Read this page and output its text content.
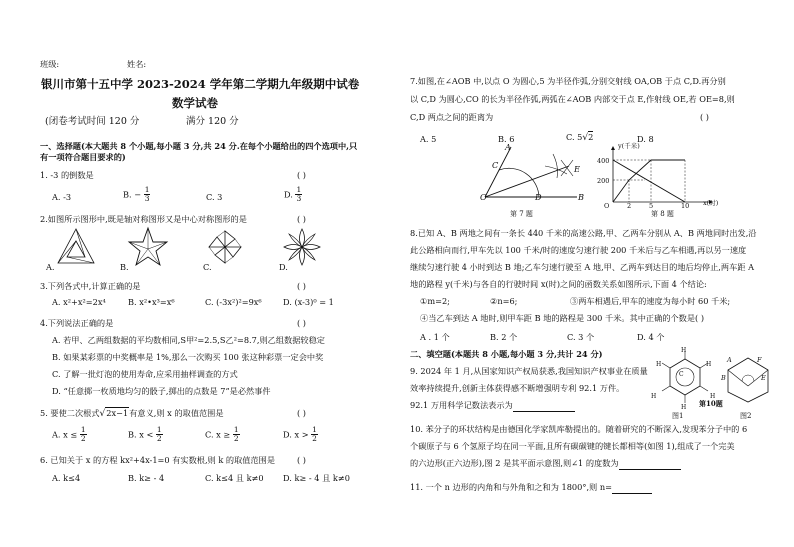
班级:	姓名:
银川市第十五中学 2023-2024 学年第二学期九年级期中试卷
数学试卷
(闭卷考试时间 120 分	满分 120 分
一、选择题(本大题共 8 个小题,每小题 3 分,共 24 分.在每个小题给出的四个选项中,只
有一项符合题目要求的)
1. -3 的倒数是	( )
A. -3	B. − $\frac{1}{3}$	C. 3	D. $\frac{1}{3}$
2.如图所示图形中,既是轴对称图形又是中心对称图形的是	( )
A.	B.	C.	D.
3.下列各式中,计算正确的是	( )
A. x²+x²=2x⁴	B. x²•x³=x⁶	C. (-3x²)²=9x⁶	D. (x-3)⁰ = 1
4.下列说法正确的是	( )
A. 若甲、乙两组数据的平均数相同,S甲²=2.5,S乙²=8.7,则乙组数据较稳定
B. 如果某彩票的中奖概率是 1%,那么一次购买 100 张这种彩票一定会中奖
C. 了解一批灯泡的使用寿命,应采用抽样调查的方式
D. “任意掷一枚质地均匀的骰子,掷出的点数是 7”是必然事件
5. 要使二次根式√2x−1有意义,则 x 的取值范围是	( )
A. $x \le \frac{1}{2}$	B. $x < \frac{1}{2}$	C. $x \ge \frac{1}{2}$	D. $x > \frac{1}{2}$
6. 已知关于 x 的方程 kx²+4x-1=0 有实数根,则 k 的取值范围是	( )
A. k≤4	B. k≥ - 4	C. k≤4 且 k≠0 D. k≥ - 4 且 k≠0
7.如图,在∠AOB 中,以点 O 为圆心,5 为半径作弧,分别交射线 OA,OB 于点 C,D.再分别
以 C,D 为圆心,CO 的长为半径作弧,两弧在∠AOB 内部交于点 E,作射线 OE,若 OE=8,则
C,D 两点之间的距离为	( )
A. 5	B. 6	C. 5√2	D. 8
A
C
O	D	B
E
第 7 题
y(千米)
x(时)
400
200
O	2	5	10
第 8 题
8.已知 A、B 两地之间有一条长 440 千米的高速公路,甲、乙两车分别从 A、B 两地同时出发,沿
此公路相向而行,甲车先以 100 千米/时的速度匀速行驶 200 千米后与乙车相遇,再以另一速度
继续匀速行驶 4 小时到达 B 地;乙车匀速行驶至 A 地,甲、乙两车到达目的地后均停止,两车距 A
地的路程 y(千米)与各自的行驶时间 x(时)之间的函数关系如图所示,下面 4 个结论:
①m=2;	②n=6;	③两车相遇后,甲车的速度为每小时 60 千米;
④当乙车到达 A 地时,则甲车距 B 地的路程是 300 千米。其中正确的个数是( )
A . 1 个	B. 2 个	C. 3 个	D. 4 个
二、填空题(本题共 8 小题,每小题 3 分,共计 24 分)
9. 2024 年 1 月,从国家知识产权局获悉,我国知识产权事业在质量
效率持续提升,创新主体获得感不断增强明专利 92.1 万件。
92.1 万用科学记数法表示为
H
H	H
C
H	H
H
A	F
B	E
图1
第10题
图2
10. 苯分子的环状结构是由德国化学家凯库勒提出的。随着研究的不断深入,发现苯分子中的 6
个碳原子与 6 个氢原子均在同一平面,且所有碳碳键的键长都相等(如图 1),组成了一个完美
的六边形(正六边形),图 2 是其平面示意图,则∠1 的度数为
11. 一个 n 边形的内角和与外角和之和为 1800°,则 n=
